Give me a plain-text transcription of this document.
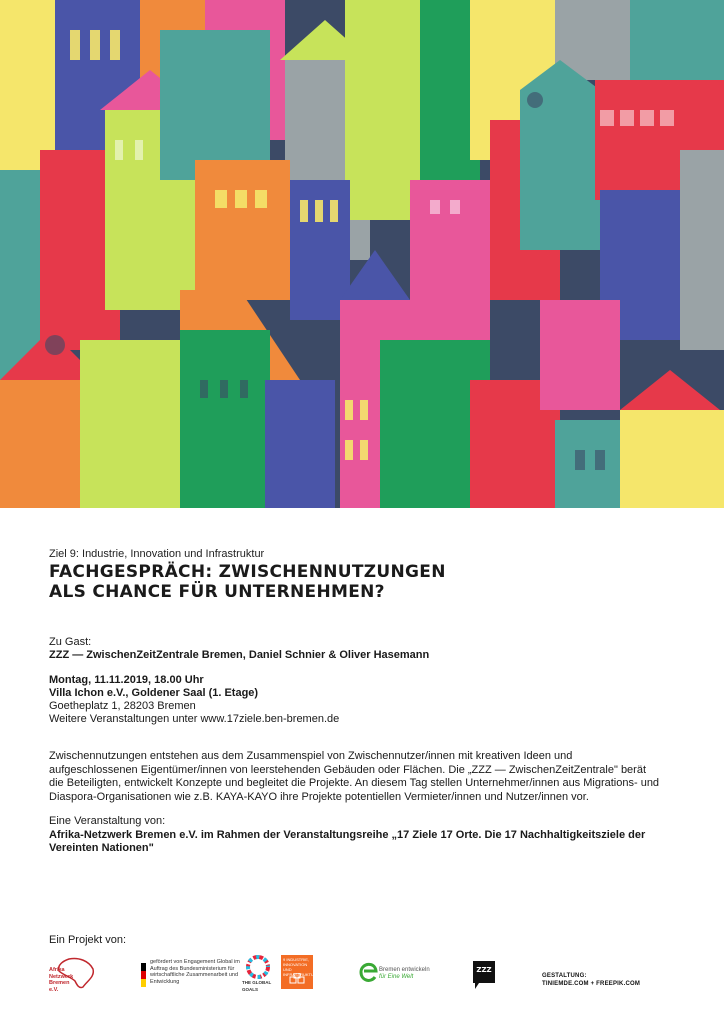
Ziel 9: Industrie, Innovation und Infrastruktur

FACHGESPRÄCH: ZWISCHENNUTZUNGEN
ALS CHANCE FÜR UNTERNEHMEN?
Zu Gast:
ZZZ — ZwischenZeitZentrale Bremen, Daniel Schnier & Oliver Hasemann
Montag, 11.11.2019, 18.00 Uhr
Villa Ichon e.V., Goldener Saal (1. Etage)
Goetheplatz 1, 28203 Bremen
Weitere Veranstaltungen unter www.17ziele.ben-bremen.de
Zwischennutzungen entstehen aus dem Zusammenspiel von Zwischennutzer/innen mit kreativen Ideen und aufgeschlossenen Eigentümer/innen von leerstehenden Gebäuden oder Flächen. Die „ZZZ — ZwischenZeitZentrale" berät die Beteiligten, entwickelt Konzepte und begleitet die Projekte. An diesem Tag stellen Unternehmer/innen aus Migrations- und Diaspora-Organisationen wie z.B. KAYA-KAYO ihre Projekte potentiellen Vermieter/innen und Nutzer/innen vor.
Eine Veranstaltung von:
Afrika-Netzwerk Bremen e.V. im Rahmen der Veranstaltungsreihe „17 Ziele 17 Orte. Die 17 Nachhaltigkeitsziele der Vereinten Nationen"
Ein Projekt von:
Afrika Netzwerk Bremen e.V.
gefördert von Engagement Global im Auftrag des Bundesministerium für wirtschaftliche Zusammenarbeit und Entwicklung	THE GLOBAL GOALS
9 INDUSTRIE, INNOVATION UND INFRASTRUKTUR
Bremen entwickeln
für Eine Welt
ZZZ
GESTALTUNG:
TINIEMDE.COM + FREEPIK.COM
